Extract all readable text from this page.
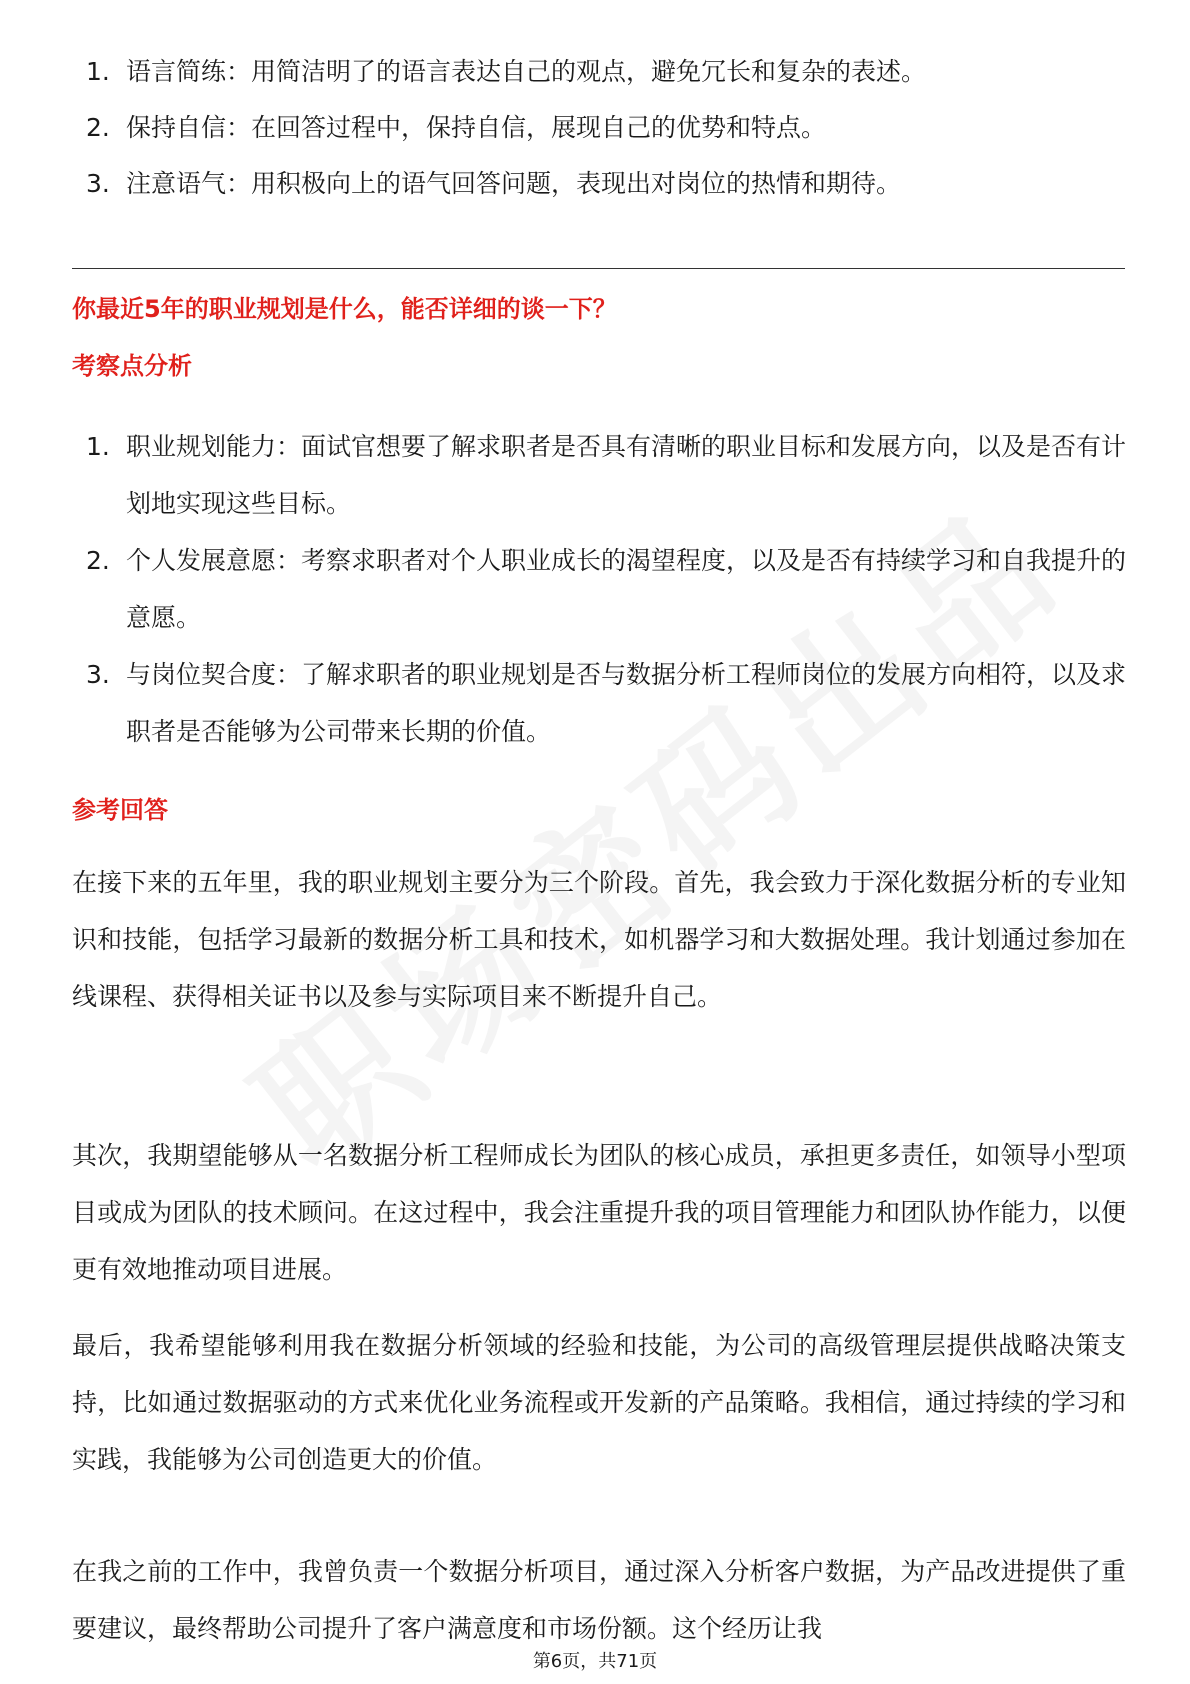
1. 语言简练：用简洁明了的语言表达自己的观点，避免冗长和复杂的表述。
2. 保持自信：在回答过程中，保持自信，展现自己的优势和特点。
3. 注意语气：用积极向上的语气回答问题，表现出对岗位的热情和期待。
你最近5年的职业规划是什么，能否详细的谈一下？
考察点分析
1. 职业规划能力：面试官想要了解求职者是否具有清晰的职业目标和发展方向，以及是否有计划地实现这些目标。
2. 个人发展意愿：考察求职者对个人职业成长的渴望程度，以及是否有持续学习和自我提升的意愿。
3. 与岗位契合度：了解求职者的职业规划是否与数据分析工程师岗位的发展方向相符，以及求职者是否能够为公司带来长期的价值。
参考回答

在接下来的五年里，我的职业规划主要分为三个阶段。首先，我会致力于深化数据分析的专业知识和技能，包括学习最新的数据分析工具和技术，如机器学习和大数据处理。我计划通过参加在线课程、获得相关证书以及参与实际项目来不断提升自己。

其次，我期望能够从一名数据分析工程师成长为团队的核心成员，承担更多责任，如领导小型项目或成为团队的技术顾问。在这过程中，我会注重提升我的项目管理能力和团队协作能力，以便更有效地推动项目进展。

最后，我希望能够利用我在数据分析领域的经验和技能，为公司的高级管理层提供战略决策支持，比如通过数据驱动的方式来优化业务流程或开发新的产品策略。我相信，通过持续的学习和实践，我能够为公司创造更大的价值。

在我之前的工作中，我曾负责一个数据分析项目，通过深入分析客户数据，为产品改进提供了重要建议，最终帮助公司提升了客户满意度和市场份额。这个经历让我

第6页，共71页
